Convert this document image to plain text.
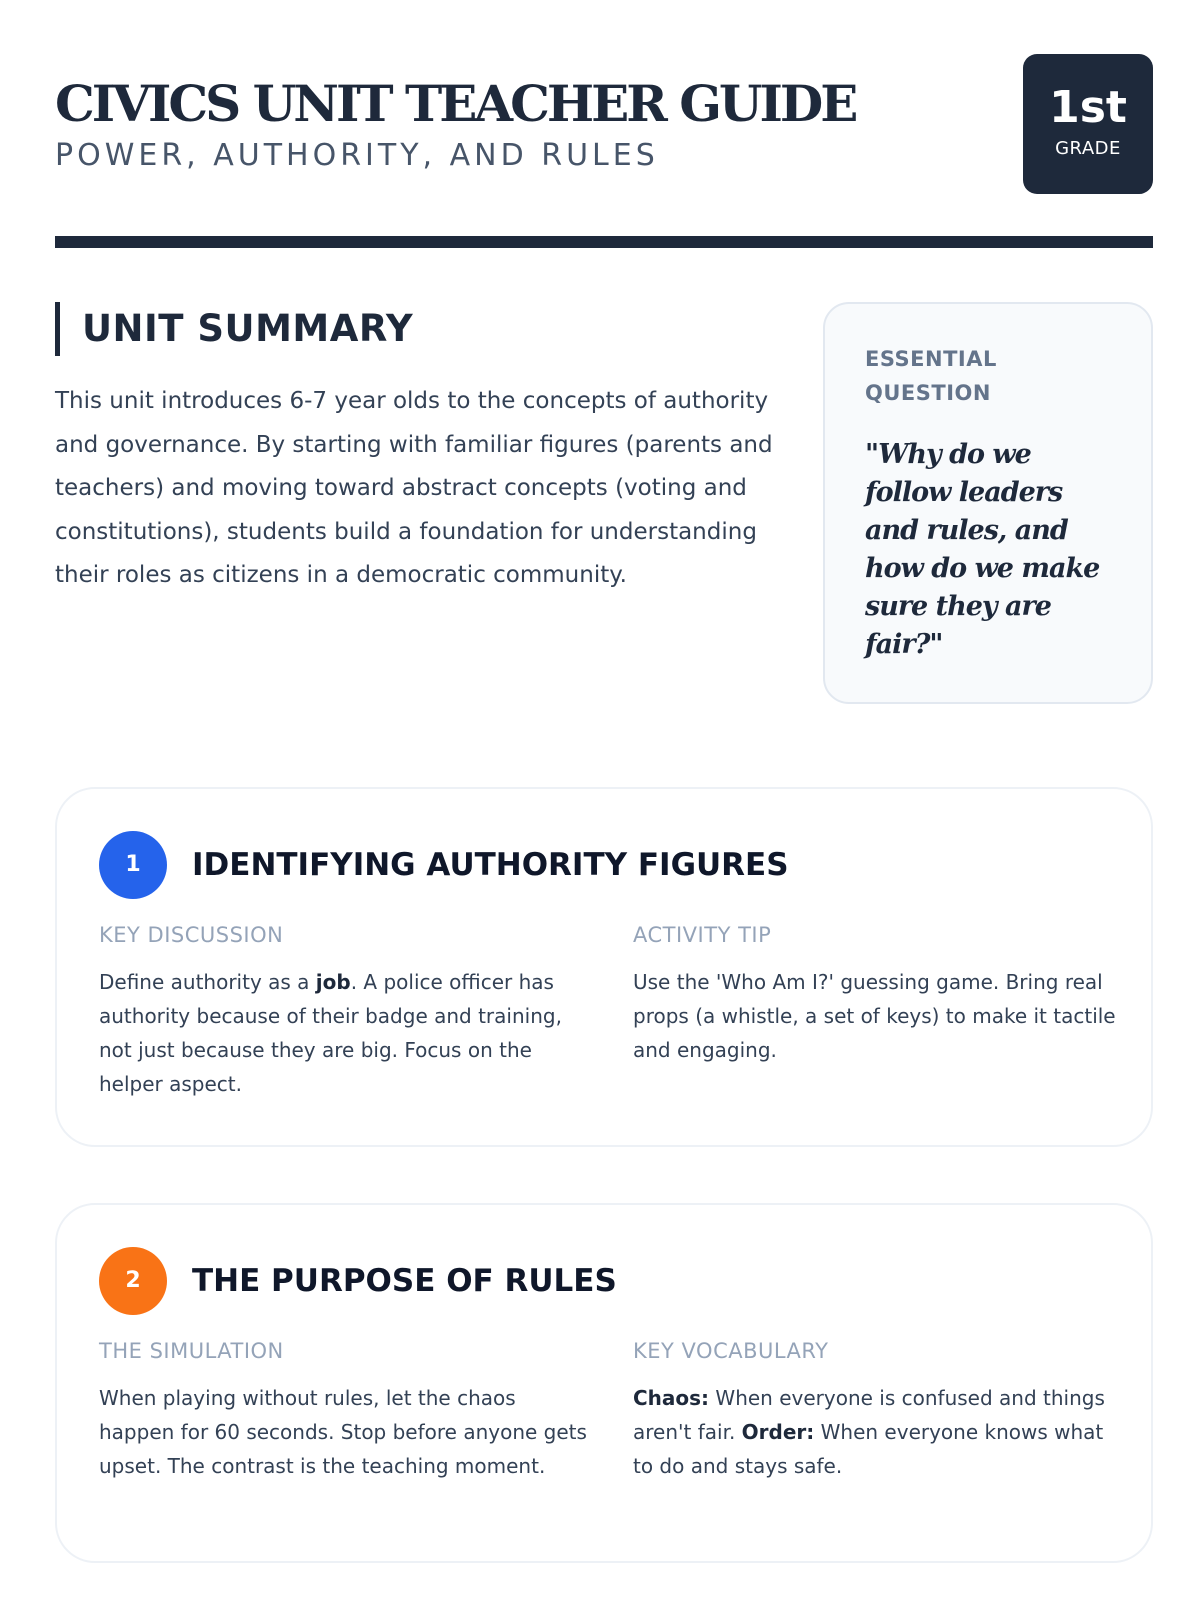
CIVICS UNIT TEACHER GUIDE
POWER, AUTHORITY, AND RULES
1st
GRADE
UNIT SUMMARY

This unit introduces 6-7 year olds to the concepts of authority and governance. By starting with familiar figures (parents and teachers) and moving toward abstract concepts (voting and constitutions), students build a foundation for understanding their roles as citizens in a democratic community.

ESSENTIAL QUESTION
"Why do we follow leaders and rules, and how do we make sure they are fair?"
1	IDENTIFYING AUTHORITY FIGURES
KEY DISCUSSION
Define authority as a job. A police officer has authority because of their badge and training, not just because they are big. Focus on the helper aspect.
ACTIVITY TIP
Use the 'Who Am I?' guessing game. Bring real props (a whistle, a set of keys) to make it tactile and engaging.
2	THE PURPOSE OF RULES
THE SIMULATION
When playing without rules, let the chaos happen for 60 seconds. Stop before anyone gets upset. The contrast is the teaching moment.
KEY VOCABULARY
Chaos: When everyone is confused and things aren't fair. Order: When everyone knows what to do and stays safe.
